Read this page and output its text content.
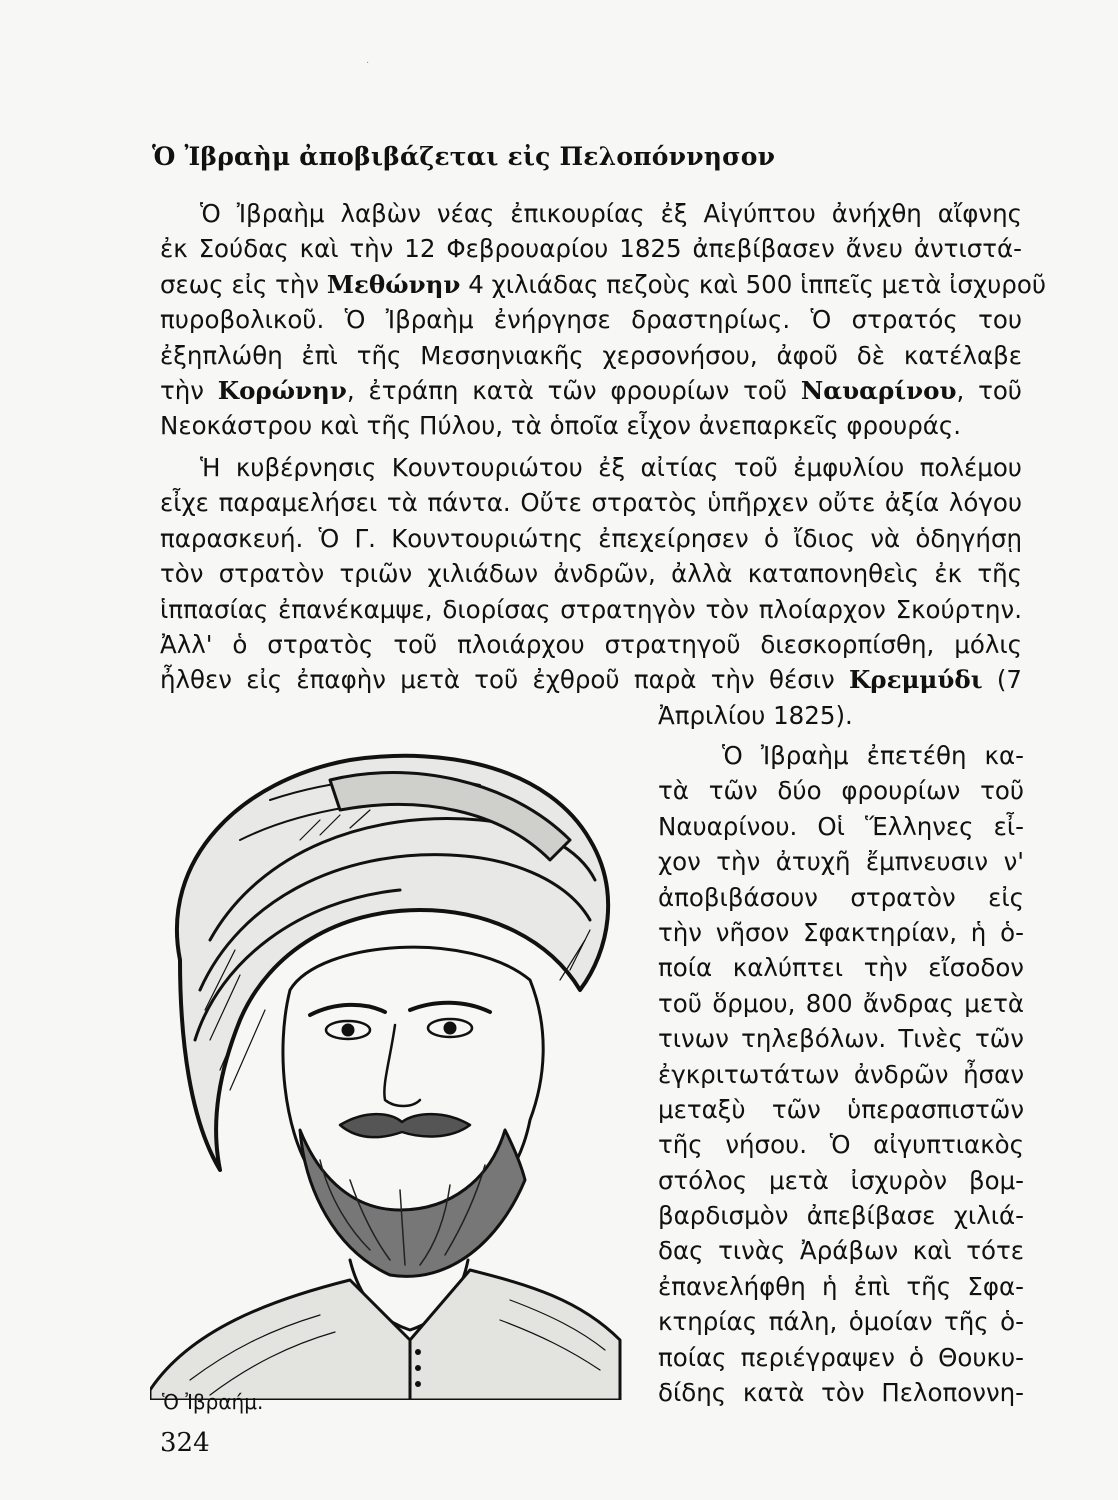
·
Ὁ Ἰβραὴμ ἀποβιβάζεται εἰς Πελοπόννησον
Ὁ Ἰβραὴμ λαβὼν νέας ἐπικουρίας ἐξ Αἰγύπτου ἀνήχθη αἴφνης
ἐκ Σούδας καὶ τὴν 12 Φεβρουαρίου 1825 ἀπεβίβασεν ἄνευ ἀντιστά-
σεως εἰς τὴν Μεθώνην 4 χιλιάδας πεζοὺς καὶ 500 ἱππεῖς μετὰ ἰσχυροῦ
πυροβολικοῦ. Ὁ Ἰβραὴμ ἐνήργησε δραστηρίως. Ὁ στρατός του
ἐξηπλώθη ἐπὶ τῆς Μεσσηνιακῆς χερσονήσου, ἀφοῦ δὲ κατέλαβε
τὴν Κορώνην, ἐτράπη κατὰ τῶν φρουρίων τοῦ Ναυαρίνου, τοῦ
Νεοκάστρου καὶ τῆς Πύλου, τὰ ὁποῖα εἶχον ἀνεπαρκεῖς φρουράς.
Ἡ κυβέρνησις Κουντουριώτου ἐξ αἰτίας τοῦ ἐμφυλίου πολέμου
εἶχε παραμελήσει τὰ πάντα. Οὔτε στρατὸς ὑπῆρχεν οὔτε ἀξία λόγου
παρασκευή. Ὁ Γ. Κουντουριώτης ἐπεχείρησεν ὁ ἴδιος νὰ ὁδηγήσῃ
τὸν στρατὸν τριῶν χιλιάδων ἀνδρῶν, ἀλλὰ καταπονηθεὶς ἐκ τῆς
ἱππασίας ἐπανέκαμψε, διορίσας στρατηγὸν τὸν πλοίαρχον Σκούρτην.
Ἀλλ' ὁ στρατὸς τοῦ πλοιάρχου στρατηγοῦ διεσκορπίσθη, μόλις
ἦλθεν εἰς ἐπαφὴν μετὰ τοῦ ἐχθροῦ παρὰ τὴν θέσιν Κρεμμύδι (7
Ἀπριλίου 1825).
Ὁ Ἰβραὴμ ἐπετέθη κα-
τὰ τῶν δύο φρουρίων τοῦ
Ναυαρίνου. Οἱ Ἕλληνες εἶ-
χον τὴν ἀτυχῆ ἔμπνευσιν ν'
ἀποβιβάσουν στρατὸν εἰς
τὴν νῆσον Σφακτηρίαν, ἡ ὁ-
ποία καλύπτει τὴν εἴσοδον
τοῦ ὅρμου, 800 ἄνδρας μετὰ
τινων τηλεβόλων. Τινὲς τῶν
ἐγκριτωτάτων ἀνδρῶν ἦσαν
μεταξὺ τῶν ὑπερασπιστῶν
τῆς νήσου. Ὁ αἰγυπτιακὸς
στόλος μετὰ ἰσχυρὸν βομ-
βαρδισμὸν ἀπεβίβασε χιλιά-
δας τινὰς Ἀράβων καὶ τότε
ἐπανελήφθη ἡ ἐπὶ τῆς Σφα-
κτηρίας πάλη, ὁμοίαν τῆς ὁ-
ποίας περιέγραψεν ὁ Θουκυ-
δίδης κατὰ τὸν Πελοποννη-
Ὁ Ἰβραήμ.
324
